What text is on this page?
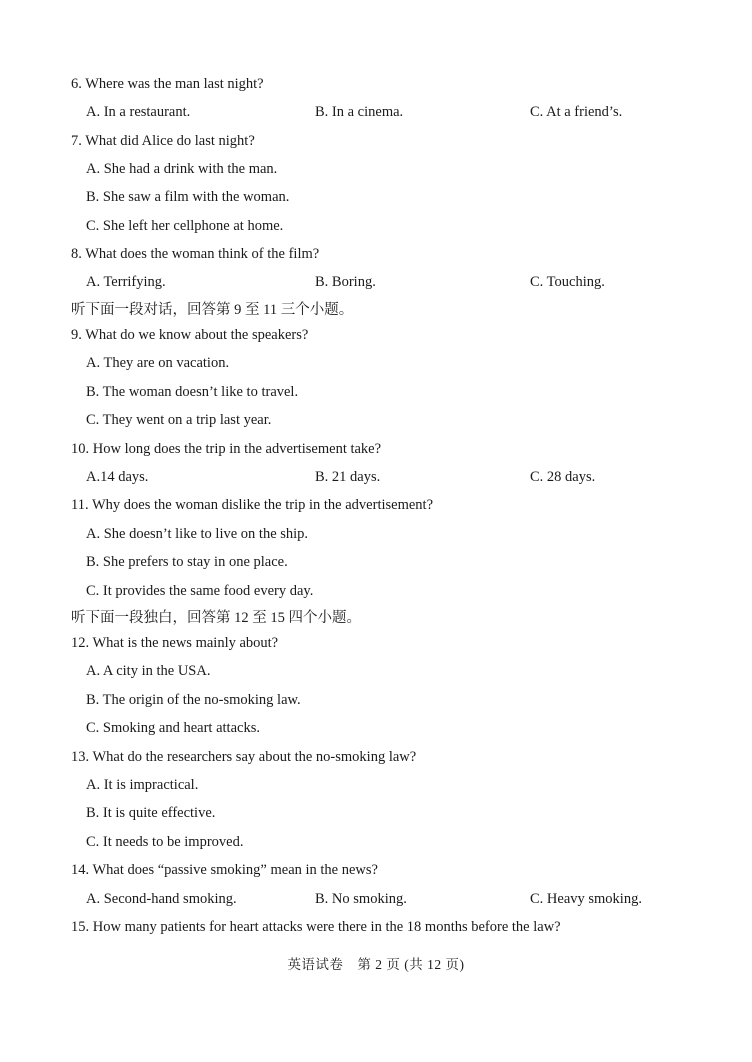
6. Where was the man last night?
A. In a restaurant.	B. In a cinema.	C. At a friend’s.
7. What did Alice do last night?
A. She had a drink with the man.
B. She saw a film with the woman.
C. She left her cellphone at home.
8. What does the woman think of the film?
A. Terrifying.	B. Boring.	C. Touching.
听下面一段对话，回答第 9 至 11 三个小题。
9. What do we know about the speakers?
A. They are on vacation.
B. The woman doesn’t like to travel.
C. They went on a trip last year.
10. How long does the trip in the advertisement take?
A.14 days.	B. 21 days.	C. 28 days.
11. Why does the woman dislike the trip in the advertisement?
A. She doesn’t like to live on the ship.
B. She prefers to stay in one place.
C. It provides the same food every day.
听下面一段独白，回答第 12 至 15 四个小题。
12. What is the news mainly about?
A. A city in the USA.
B. The origin of the no-smoking law.
C. Smoking and heart attacks.
13. What do the researchers say about the no-smoking law?
A. It is impractical.
B. It is quite effective.
C. It needs to be improved.
14. What does “passive smoking” mean in the news?
A. Second-hand smoking.	B. No smoking.	C. Heavy smoking.
15. How many patients for heart attacks were there in the 18 months before the law?
英语试卷　第 2 页 (共 12 页)
